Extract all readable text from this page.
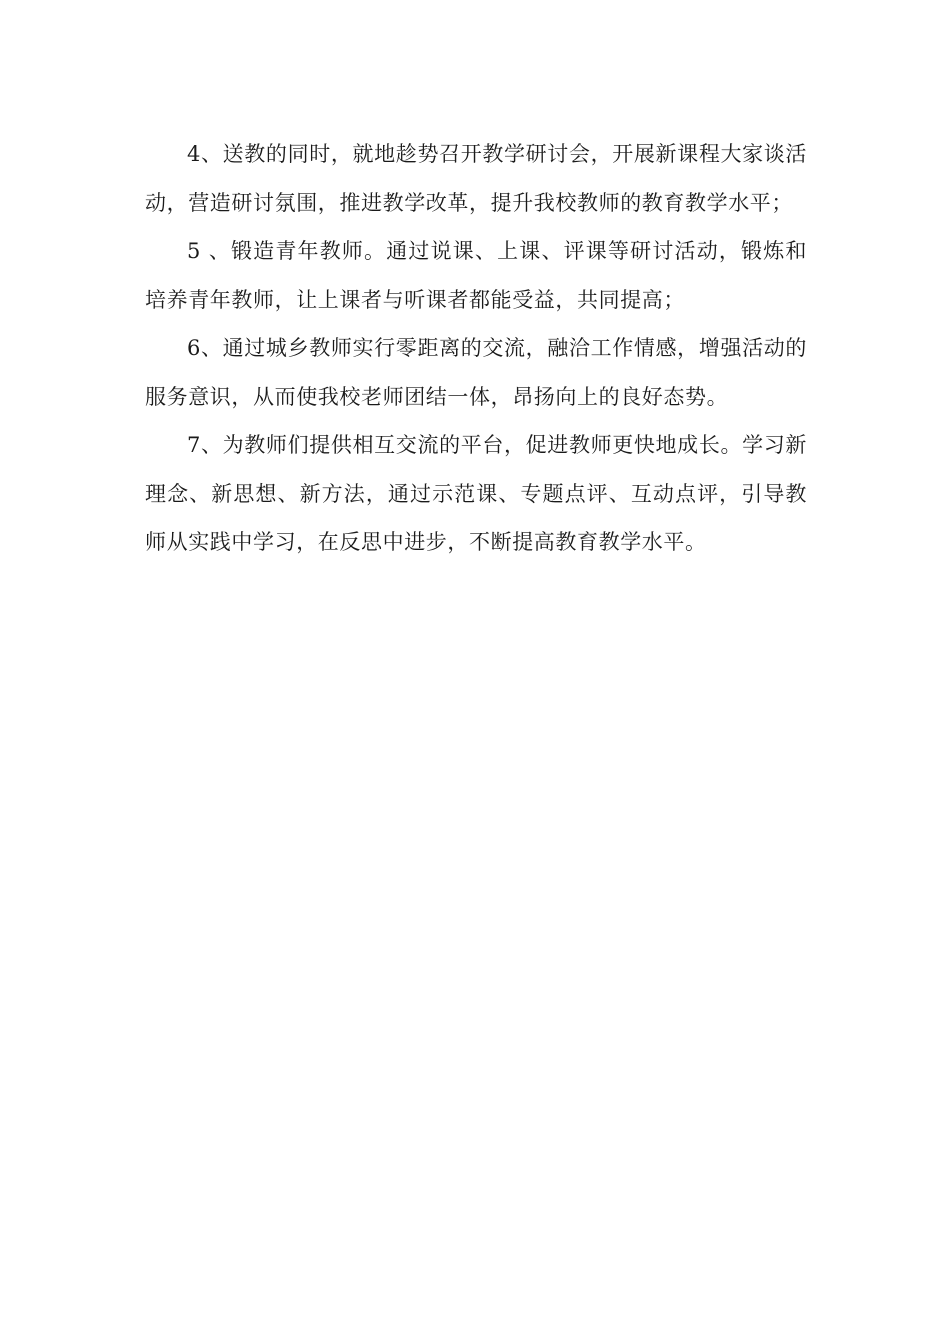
4、送教的同时，就地趁势召开教学研讨会，开展新课程大家谈活动，营造研讨氛围，推进教学改革，提升我校教师的教育教学水平；

5 、锻造青年教师。通过说课、上课、评课等研讨活动，锻炼和培养青年教师，让上课者与听课者都能受益，共同提高；

6、通过城乡教师实行零距离的交流，融洽工作情感，增强活动的服务意识，从而使我校老师团结一体，昂扬向上的良好态势。

7、为教师们提供相互交流的平台，促进教师更快地成长。学习新理念、新思想、新方法，通过示范课、专题点评、互动点评，引导教师从实践中学习，在反思中进步，不断提高教育教学水平。
